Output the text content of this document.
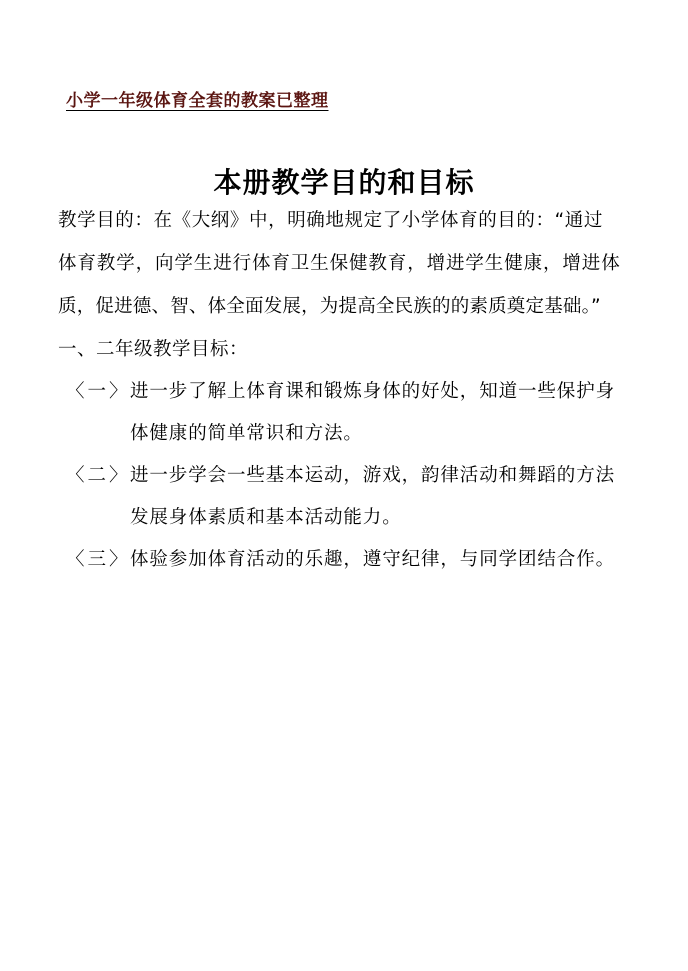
小学一年级体育全套的教案已整理
本册教学目的和目标
教学目的：在《大纲》中，明确地规定了小学体育的目的：“通过
体育教学，向学生进行体育卫生保健教育，增进学生健康，增进体
质，促进德、智、体全面发展，为提高全民族的的素质奠定基础。”
一、二年级教学目标：
〈一〉 进一步了解上体育课和锻炼身体的好处，知道一些保护身
体健康的简单常识和方法。
〈二〉 进一步学会一些基本运动，游戏，韵律活动和舞蹈的方法
发展身体素质和基本活动能力。
〈三〉 体验参加体育活动的乐趣，遵守纪律，与同学团结合作。
